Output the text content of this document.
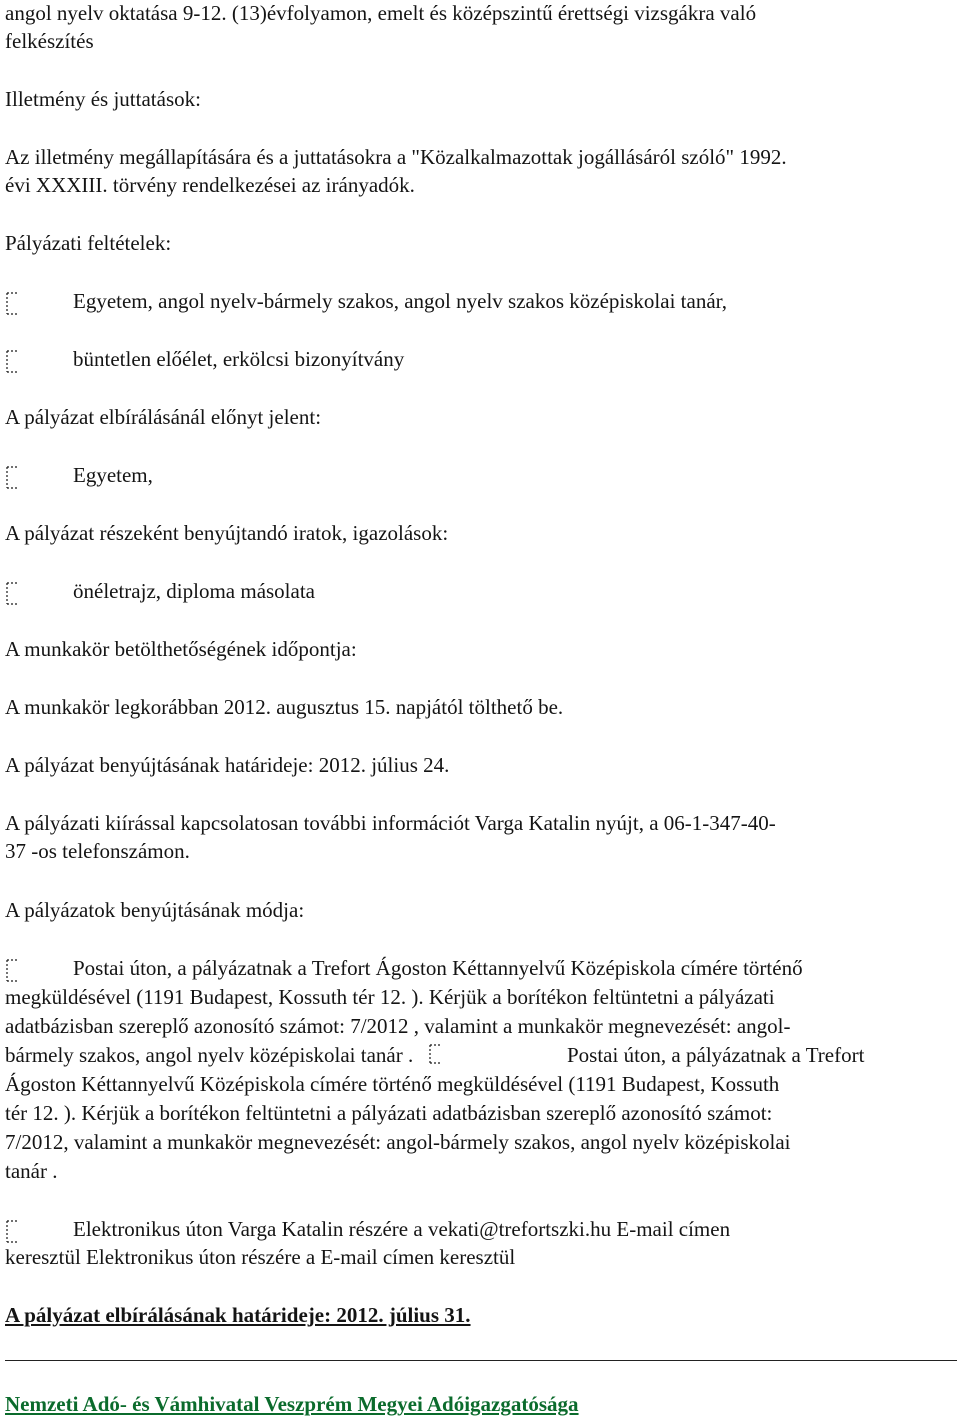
angol nyelv oktatása 9-12. (13)évfolyamon, emelt és középszintű érettségi vizsgákra való

felkészítés

Illetmény és juttatások:

Az illetmény megállapítására és a juttatásokra a "Közalkalmazottak jogállásáról szóló" 1992.

évi XXXIII. törvény rendelkezései az irányadók.

Pályázati feltételek:

Egyetem, angol nyelv-bármely szakos, angol nyelv szakos középiskolai tanár,
büntetlen előélet, erkölcsi bizonyítvány

A pályázat elbírálásánál előnyt jelent:

Egyetem,

A pályázat részeként benyújtandó iratok, igazolások:

önéletrajz, diploma másolata

A munkakör betölthetőségének időpontja:

A munkakör legkorábban 2012. augusztus 15. napjától tölthető be.

A pályázat benyújtásának határideje: 2012. július 24.

A pályázati kiírással kapcsolatosan további információt Varga Katalin nyújt, a 06-1-347-40-

37 -os telefonszámon.

A pályázatok benyújtásának módja:

Postai úton, a pályázatnak a Trefort Ágoston Kéttannyelvű Középiskola címére történő

megküldésével (1191 Budapest, Kossuth tér 12. ). Kérjük a borítékon feltüntetni a pályázati

adatbázisban szereplő azonosító számot: 7/2012 , valamint a munkakör megnevezését: angol-

bármely szakos, angol nyelv középiskolai tanár .	Postai úton, a pályázatnak a Trefort

Ágoston Kéttannyelvű Középiskola címére történő megküldésével (1191 Budapest, Kossuth

tér 12. ). Kérjük a borítékon feltüntetni a pályázati adatbázisban szereplő azonosító számot:

7/2012, valamint a munkakör megnevezését: angol-bármely szakos, angol nyelv középiskolai

tanár .

Elektronikus úton Varga Katalin részére a vekati@trefortszki.hu E-mail címen

keresztül Elektronikus úton részére a E-mail címen keresztül

A pályázat elbírálásának határideje: 2012. július 31.

Nemzeti Adó- és Vámhivatal Veszprém Megyei Adóigazgatósága
